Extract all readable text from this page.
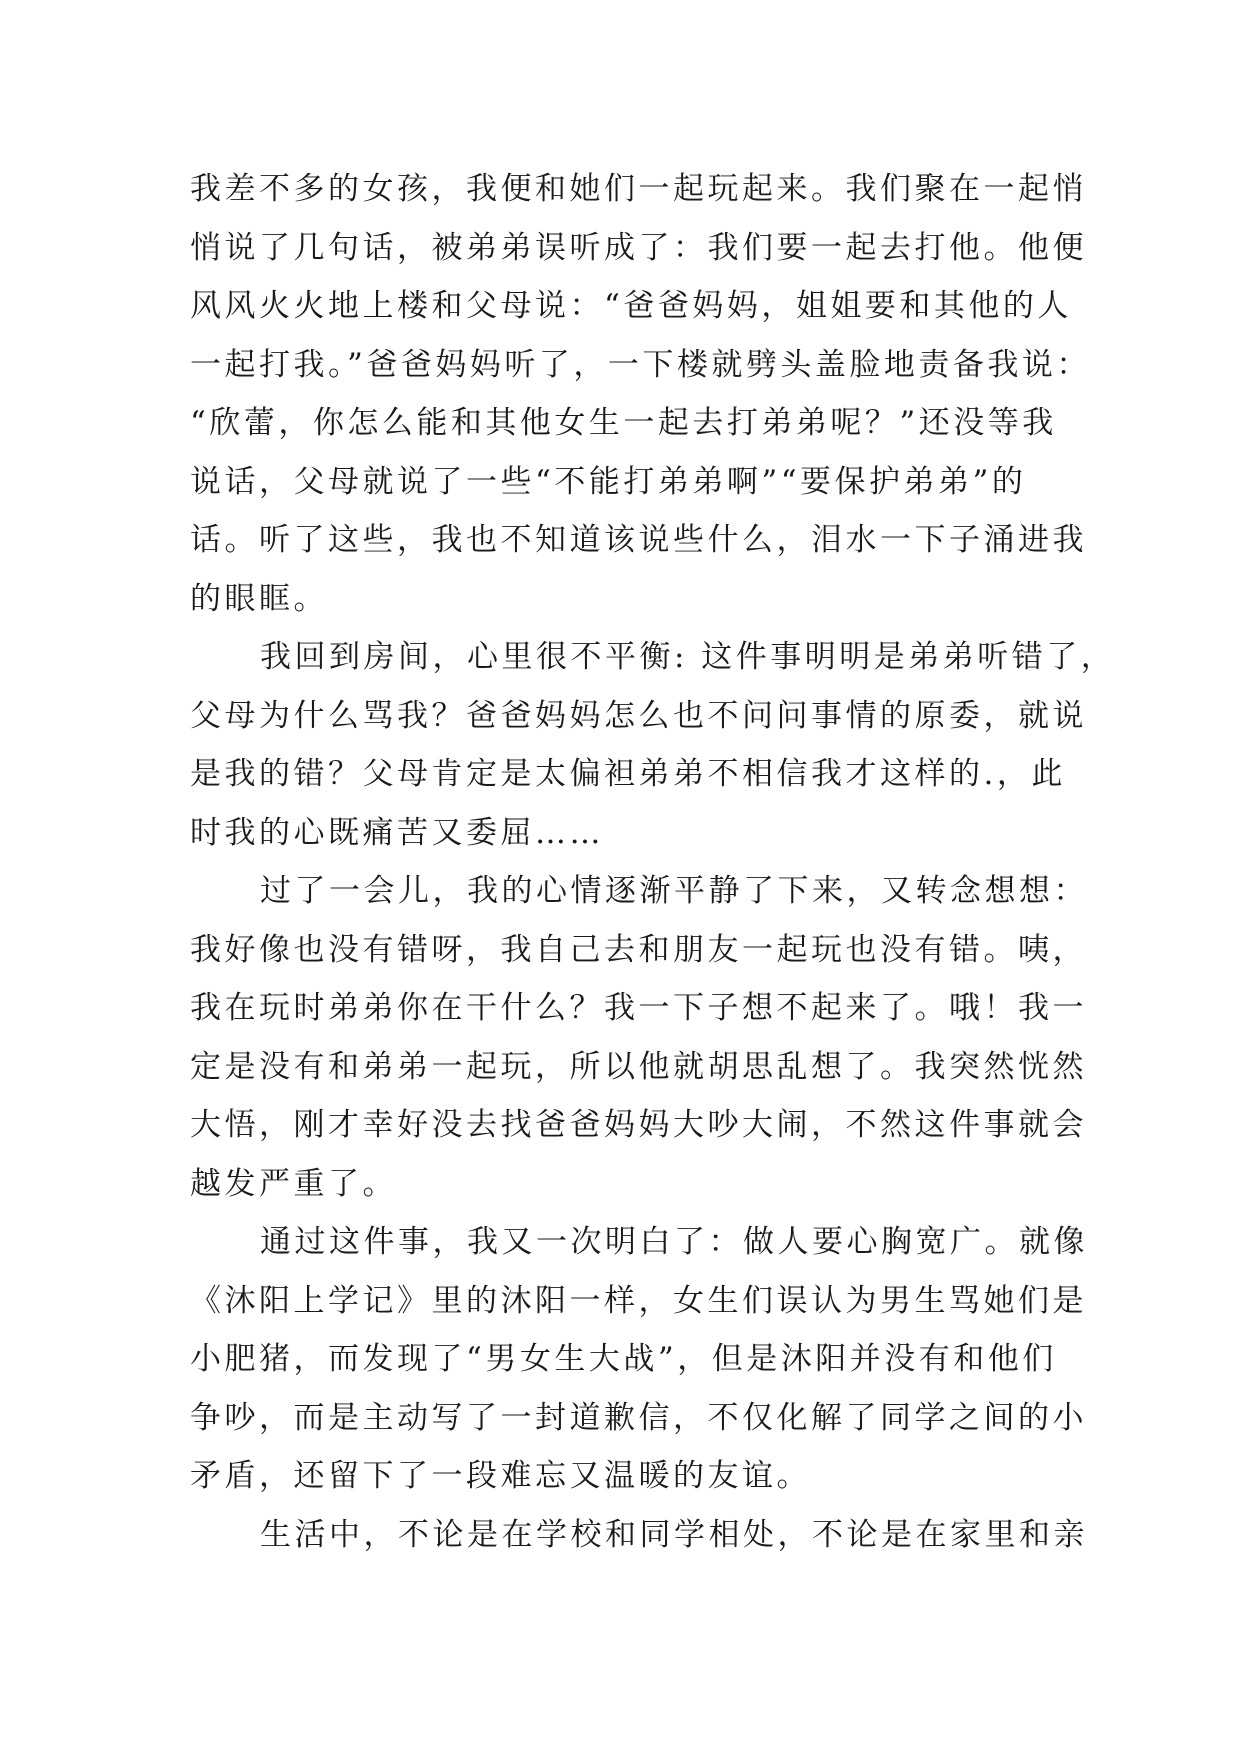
我差不多的女孩，我便和她们一起玩起来。我们聚在一起悄
悄说了几句话，被弟弟误听成了：我们要一起去打他。他便
风风火火地上楼和父母说：“爸爸妈妈，姐姐要和其他的人
一起打我。”爸爸妈妈听了，一下楼就劈头盖脸地责备我说：
“欣蕾，你怎么能和其他女生一起去打弟弟呢？”还没等我
说话，父母就说了一些“不能打弟弟啊”“要保护弟弟”的
话。听了这些，我也不知道该说些什么，泪水一下子涌进我
的眼眶。
我回到房间，心里很不平衡: 这件事明明是弟弟听错了，
父母为什么骂我？爸爸妈妈怎么也不问问事情的原委，就说
是我的错？父母肯定是太偏袒弟弟不相信我才这样的.，此
时我的心既痛苦又委屈……
过了一会儿，我的心情逐渐平静了下来，又转念想想：
我好像也没有错呀，我自己去和朋友一起玩也没有错。咦，
我在玩时弟弟你在干什么？我一下子想不起来了。哦！我一
定是没有和弟弟一起玩，所以他就胡思乱想了。我突然恍然
大悟，刚才幸好没去找爸爸妈妈大吵大闹，不然这件事就会
越发严重了。
通过这件事，我又一次明白了：做人要心胸宽广。就像
《沐阳上学记》里的沐阳一样，女生们误认为男生骂她们是
小肥猪，而发现了“男女生大战”，但是沐阳并没有和他们
争吵，而是主动写了一封道歉信，不仅化解了同学之间的小
矛盾，还留下了一段难忘又温暖的友谊。
生活中，不论是在学校和同学相处，不论是在家里和亲
